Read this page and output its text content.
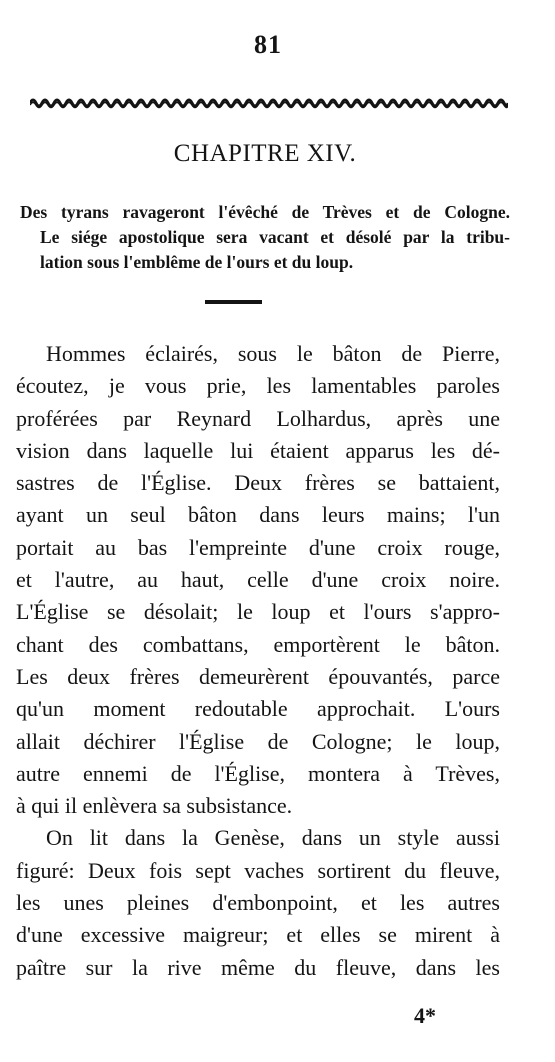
81
CHAPITRE XIV.
Des tyrans ravageront l'évêché de Trèves et de Cologne.
Le siége apostolique sera vacant et désolé par la tribu-
lation sous l'emblême de l'ours et du loup.
Hommes éclairés, sous le bâton de Pierre,
écoutez, je vous prie, les lamentables paroles
proférées par Reynard Lolhardus, après une
vision dans laquelle lui étaient apparus les dé-
sastres de l'Église. Deux frères se battaient,
ayant un seul bâton dans leurs mains; l'un
portait au bas l'empreinte d'une croix rouge,
et l'autre, au haut, celle d'une croix noire.
L'Église se désolait; le loup et l'ours s'appro-
chant des combattans, emportèrent le bâton.
Les deux frères demeurèrent épouvantés, parce
qu'un moment redoutable approchait. L'ours
allait déchirer l'Église de Cologne; le loup,
autre ennemi de l'Église, montera à Trèves,
à qui il enlèvera sa subsistance.
On lit dans la Genèse, dans un style aussi
figuré: Deux fois sept vaches sortirent du fleuve,
les unes pleines d'embonpoint, et les autres
d'une excessive maigreur; et elles se mirent à
paître sur la rive même du fleuve, dans les
4*
